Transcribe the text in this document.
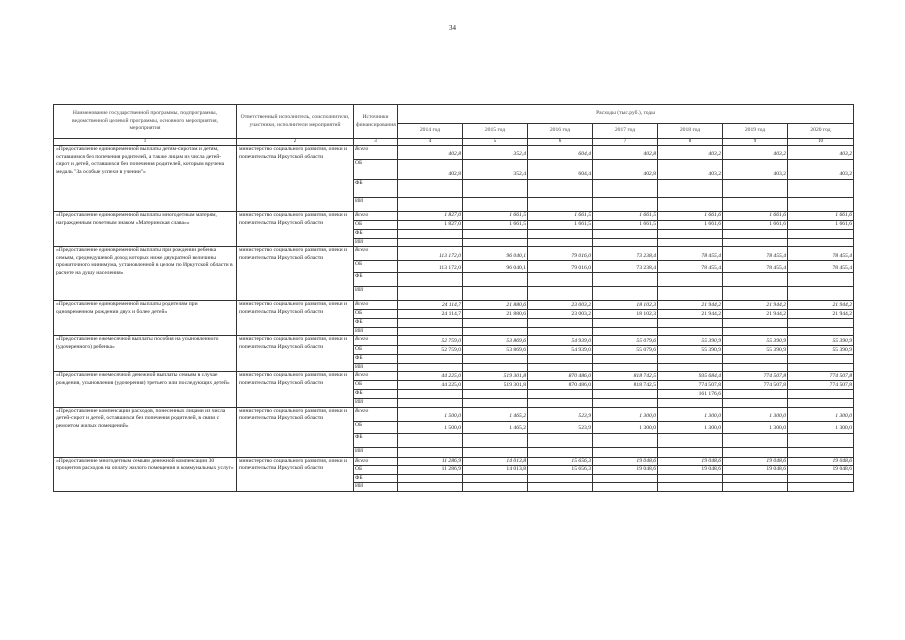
34
Наименование государственной программы, подпрограммы, ведомственной целевой программы, основного мероприятия, мероприятия	Ответственный исполнитель, соисполнители, участники, исполнители мероприятий	Источники финансирования	Расходы (тыс.руб.), годы						
			2014 год	2015 год	2016 год	2017 год	2018 год	2019 год	2020 год
1	2	3	4	5	6	7	8	9	10
«Предоставление единовременной выплаты детям-сиротам и детям, оставшимся без попечения родителей, а также лицам из числа детей-сирот и детей, оставшихся без попечения родителей, которым вручена медаль "За особые успехи в учении"»	министерство социального развития, опеки и попечительства Иркутской области	Всего	402,8	352,4	604,4	402,8	403,2	403,2	403,2
		ОБ	402,8	352,4	604,4	402,8	403,2	403,2	403,2
		ФБ							
		ИИ							
«Предоставление единовременной выплаты многодетным матерям, награжденным почетным знаком «Материнская слава»»	министерство социального развития, опеки и попечительства Иркутской области	Всего	1 827,0	1 661,5	1 661,5	1 661,5	1 661,6	1 661,6	1 661,6
		ОБ	1 827,0	1 661,5	1 661,5	1 661,5	1 661,6	1 661,6	1 661,6
		ФБ							
		ИИ							
«Предоставление единовременной выплаты при рождении ребенка семьям, среднедушевой доход которых ниже двукратной величины прожиточного минимума, установленной в целом по Иркутской области в расчете на душу населения»	министерство социального развития, опеки и попечительства Иркутской области	Всего	113 172,0	96 040,1	79 016,0	73 238,4	78 455,4	78 455,4	78 455,4
		ОБ	113 172,0	96 040,1	79 016,0	73 238,4	78 455,4	78 455,4	78 455,4
		ФБ							
		ИИ							
«Предоставление единовременной выплаты родителям при одновременном рождении двух и более детей»	министерство социального развития, опеки и попечительства Иркутской области	Всего	24 114,7	21 880,6	23 003,2	18 102,3	21 944,2	21 944,2	21 944,2
		ОБ	24 114,7	21 880,6	23 003,2	18 102,3	21 944,2	21 944,2	21 944,2
		ФБ							
		ИИ							
«Предоставление ежемесячной выплаты пособия на усыновленного (удочеренного) ребенка»	министерство социального развития, опеки и попечительства Иркутской области	Всего	52 759,0	53 869,6	54 939,0	55 079,6	55 390,9	55 390,9	55 390,9
		ОБ	52 759,0	53 869,6	54 939,0	55 079,6	55 390,9	55 390,9	55 390,9
		ФБ							
		ИИ							
«Предоставление ежемесячной денежной выплаты семьям в случае рождения, усыновления (удочерения) третьего или последующих детей»	министерство социального развития, опеки и попечительства Иркутской области	Всего	44 225,0	519 301,8	870 486,0	818 742,5	935 684,4	774 507,8	774 507,8
		ОБ	44 225,0	519 301,8	870 486,0	818 742,5	774 507,8	774 507,8	774 507,8
		ФБ					161 176,6		
		ИИ							
«Предоставление компенсации расходов, понесенных лицами из числа детей-сирот и детей, оставшихся без попечения родителей, в связи с ремонтом жилых помещений»	министерство социального развития, опеки и попечительства Иркутской области	Всего	1 500,0	1 465,2	523,9	1 300,0	1 300,0	1 300,0	1 300,0
		ОБ	1 500,0	1 465,2	523,9	1 300,0	1 300,0	1 300,0	1 300,0
		ФБ							
		ИИ							
«Предоставление многодетным семьям денежной компенсации 30 процентов расходов на оплату жилого помещения и коммунальных услуг»	министерство социального развития, опеки и попечительства Иркутской области	Всего	11 286,9	14 013,8	15 656,3	19 048,6	19 048,6	19 048,6	19 048,6
		ОБ	11 286,9	14 013,8	15 656,3	19 048,6	19 048,6	19 048,6	19 048,6
		ФБ							
		ИИ							
